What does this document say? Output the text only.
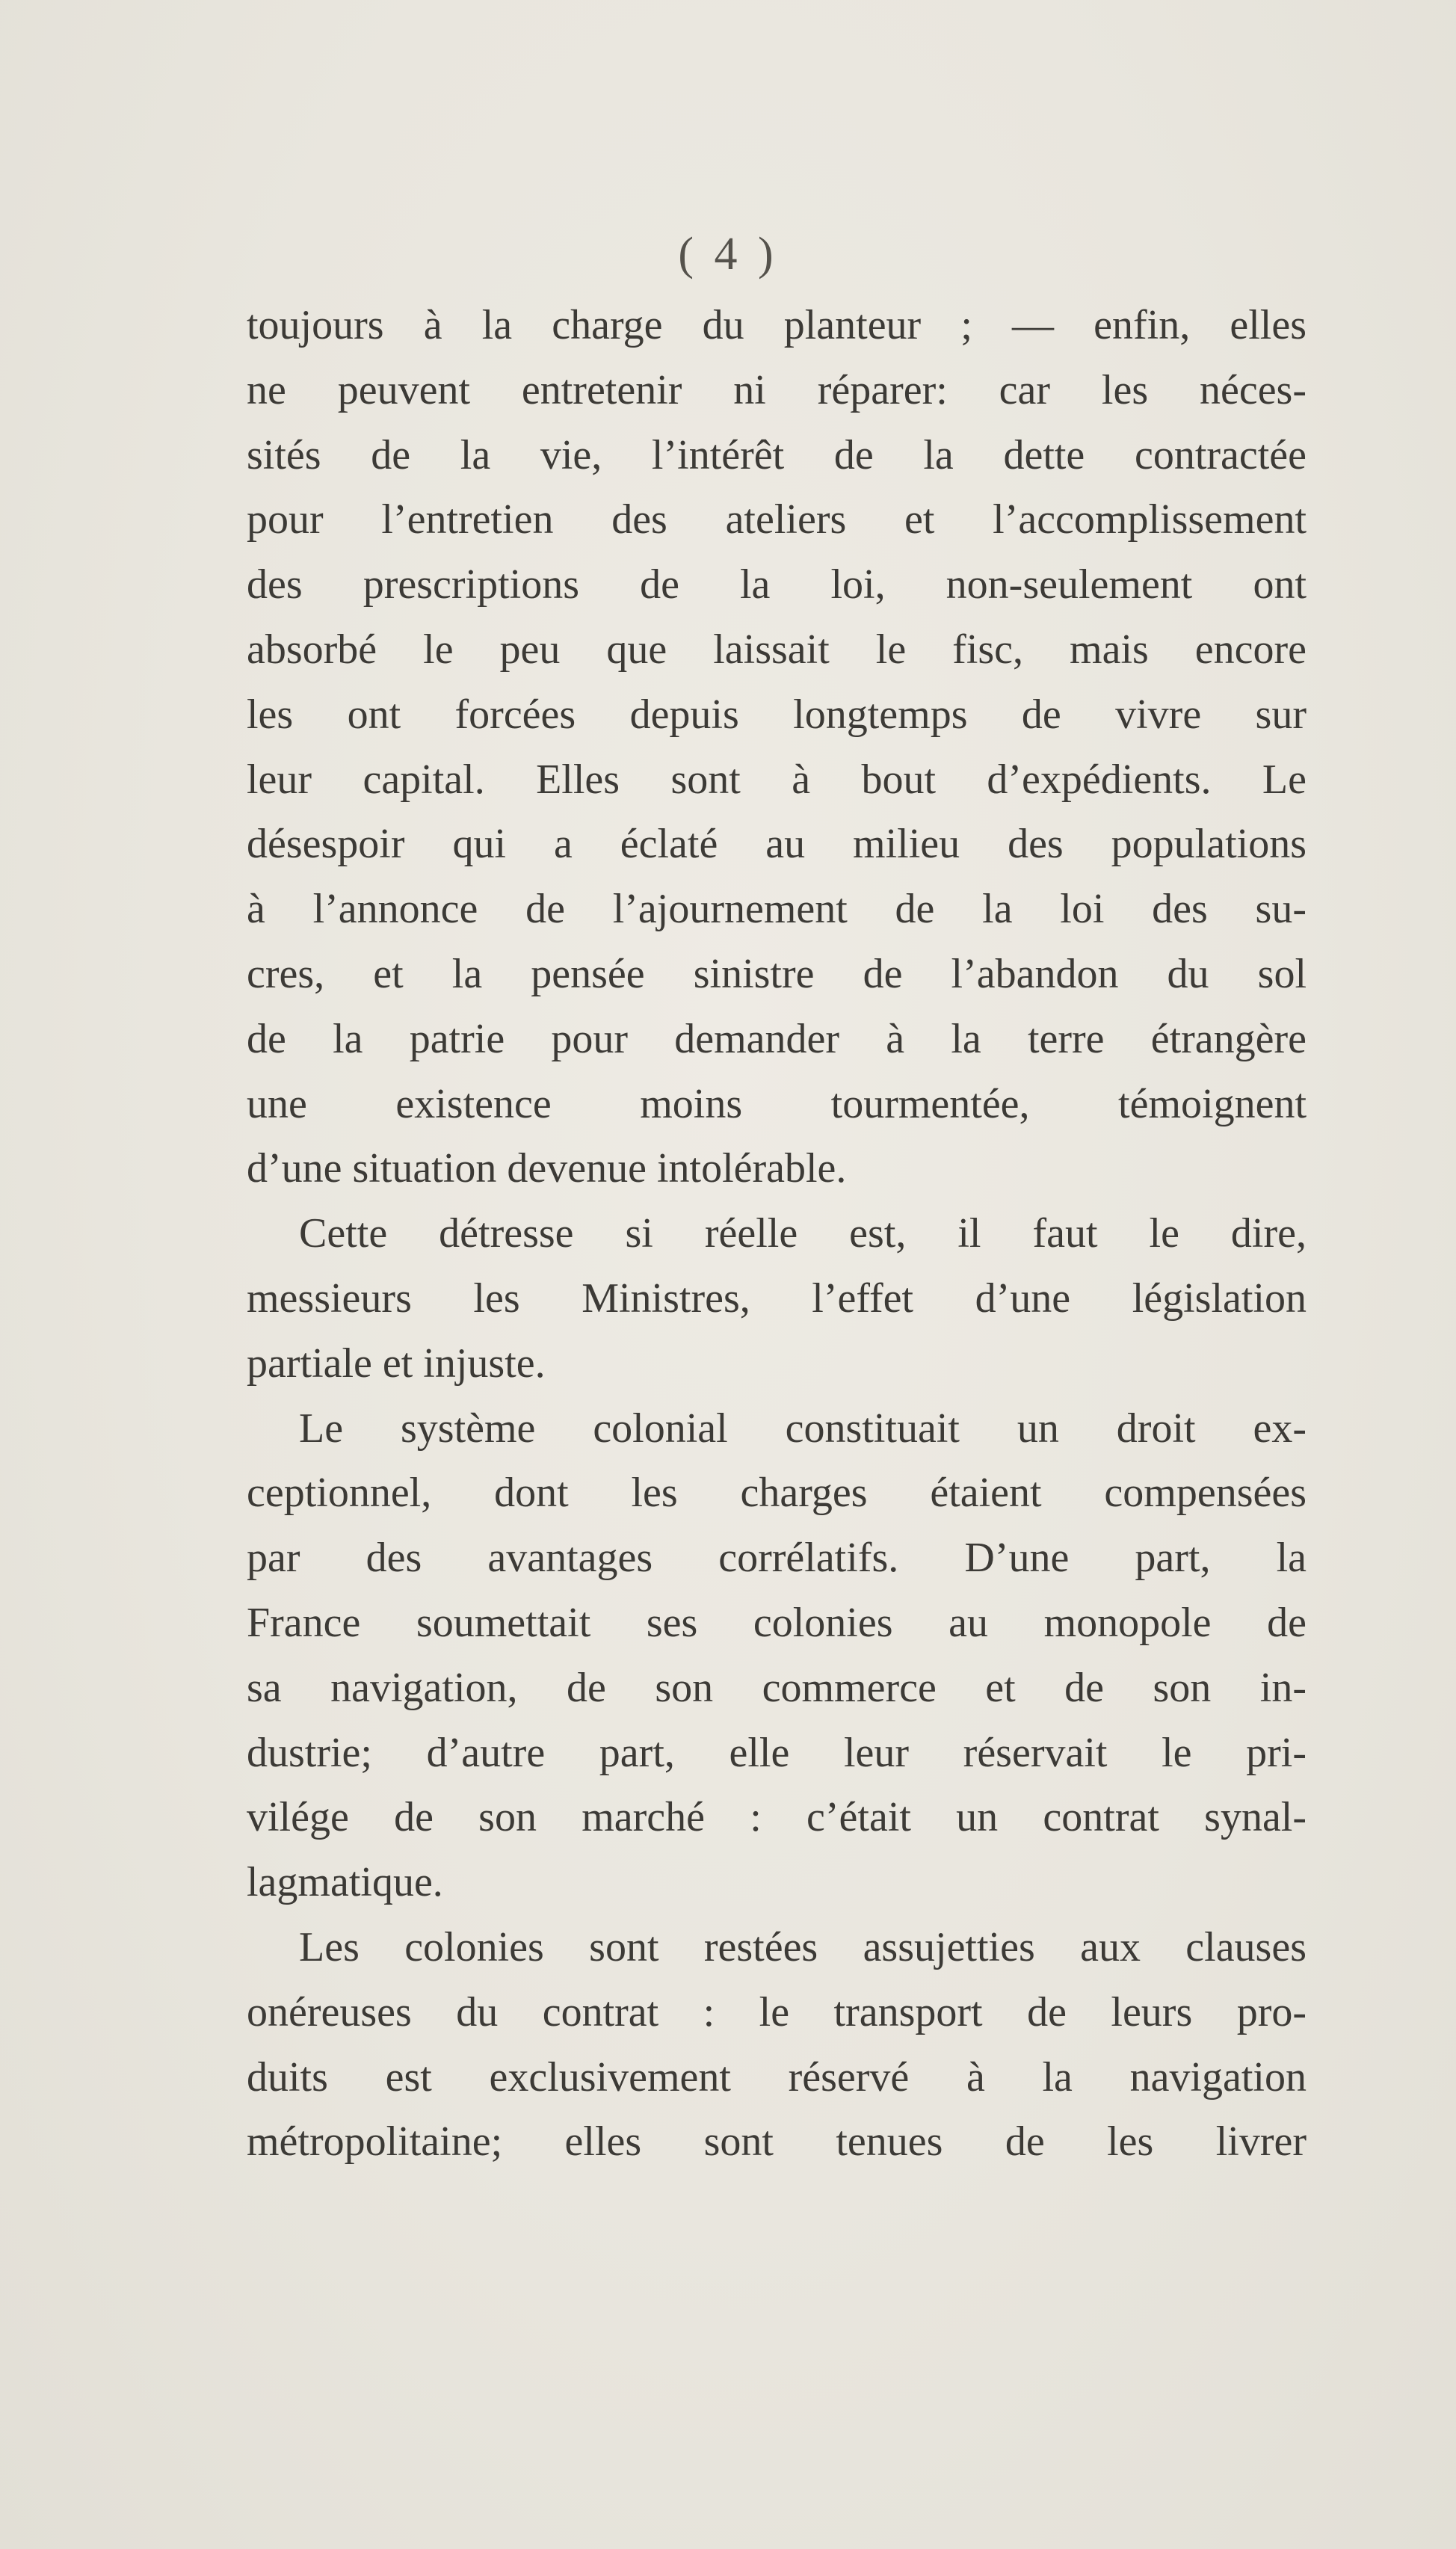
( 4 )
toujours à la charge du planteur ; — enfin, elles
ne peuvent entretenir ni réparer: car les néces-
sités de la vie, l’intérêt de la dette contractée
pour l’entretien des ateliers et l’accomplissement
des prescriptions de la loi, non-seulement ont
absorbé le peu que laissait le fisc, mais encore
les ont forcées depuis longtemps de vivre sur
leur capital. Elles sont à bout d’expédients. Le
désespoir qui a éclaté au milieu des populations
à l’annonce de l’ajournement de la loi des su-
cres, et la pensée sinistre de l’abandon du sol
de la patrie pour demander à la terre étrangère
une existence moins tourmentée, témoignent
d’une situation devenue intolérable.
Cette détresse si réelle est, il faut le dire,
messieurs les Ministres, l’effet d’une législation
partiale et injuste.
Le système colonial constituait un droit ex-
ceptionnel, dont les charges étaient compensées
par des avantages corrélatifs. D’une part, la
France soumettait ses colonies au monopole de
sa navigation, de son commerce et de son in-
dustrie; d’autre part, elle leur réservait le pri-
vilége de son marché : c’était un contrat synal-
lagmatique.
Les colonies sont restées assujetties aux clauses
onéreuses du contrat : le transport de leurs pro-
duits est exclusivement réservé à la navigation
métropolitaine; elles sont tenues de les livrer
